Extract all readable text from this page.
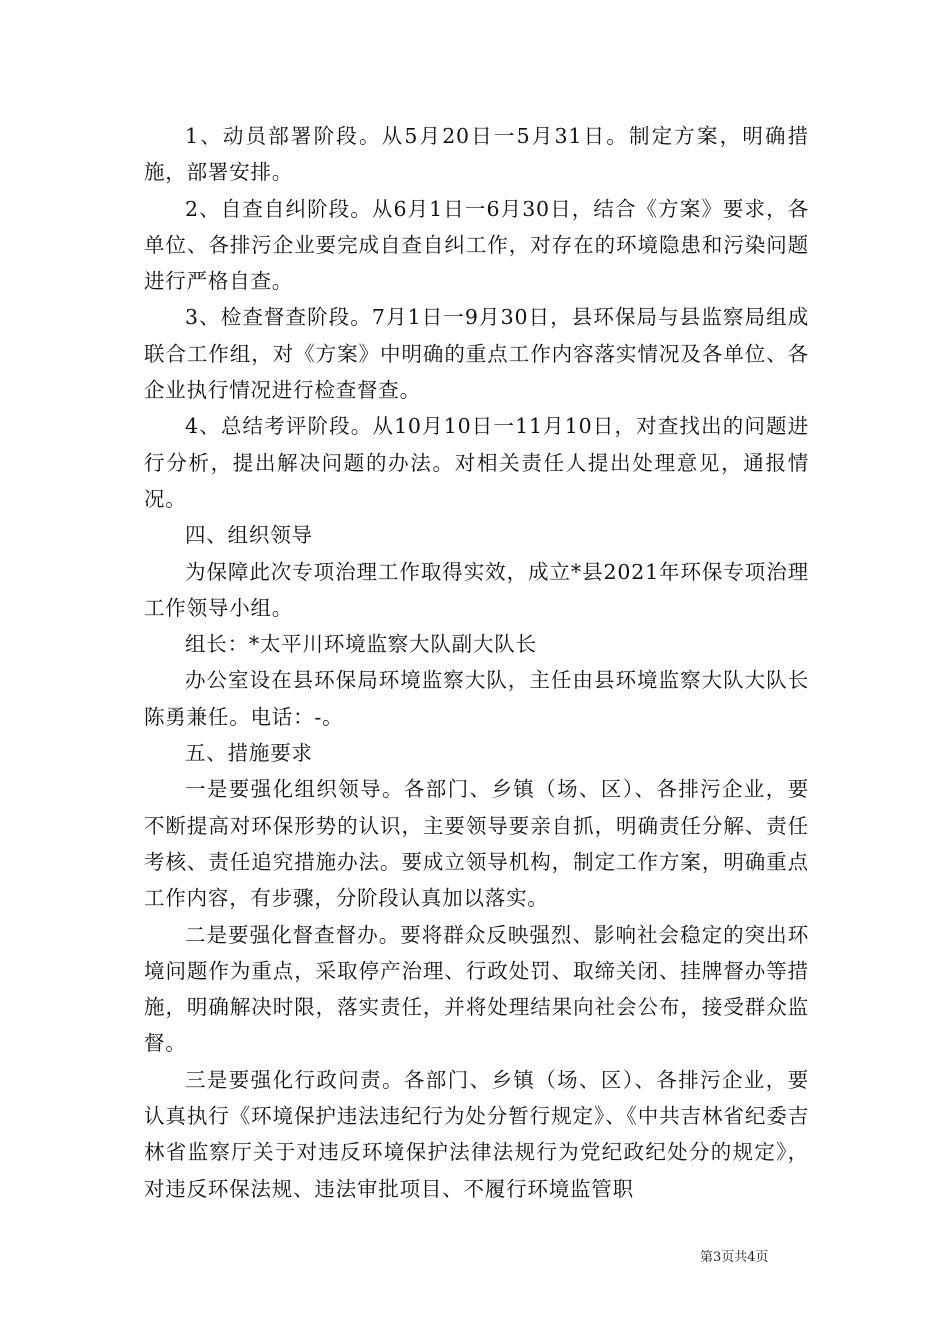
1、动员部署阶段。从5月20日一5月31日。制定方案，明确措施，部署安排。

2、自查自纠阶段。从6月1日一6月30日，结合《方案》要求，各单位、各排污企业要完成自查自纠工作，对存在的环境隐患和污染问题进行严格自查。

3、检查督查阶段。7月1日一9月30日，县环保局与县监察局组成联合工作组，对《方案》中明确的重点工作内容落实情况及各单位、各企业执行情况进行检查督查。

4、总结考评阶段。从10月10日一11月10日，对查找出的问题进行分析，提出解决问题的办法。对相关责任人提出处理意见，通报情况。

四、组织领导

为保障此次专项治理工作取得实效，成立*县2021年环保专项治理工作领导小组。

组长：*太平川环境监察大队副大队长

办公室设在县环保局环境监察大队，主任由县环境监察大队大队长陈勇兼任。电话：-。

五、措施要求

一是要强化组织领导。各部门、乡镇（场、区）、各排污企业，要不断提高对环保形势的认识，主要领导要亲自抓，明确责任分解、责任考核、责任追究措施办法。要成立领导机构，制定工作方案，明确重点工作内容，有步骤，分阶段认真加以落实。

二是要强化督查督办。要将群众反映强烈、影响社会稳定的突出环境问题作为重点，采取停产治理、行政处罚、取缔关闭、挂牌督办等措施，明确解决时限，落实责任，并将处理结果向社会公布，接受群众监督。

三是要强化行政问责。各部门、乡镇（场、区）、各排污企业，要认真执行《环境保护违法违纪行为处分暂行规定》、《中共吉林省纪委吉林省监察厅关于对违反环境保护法律法规行为党纪政纪处分的规定》，对违反环保法规、违法审批项目、不履行环境监管职

第3页共4页
